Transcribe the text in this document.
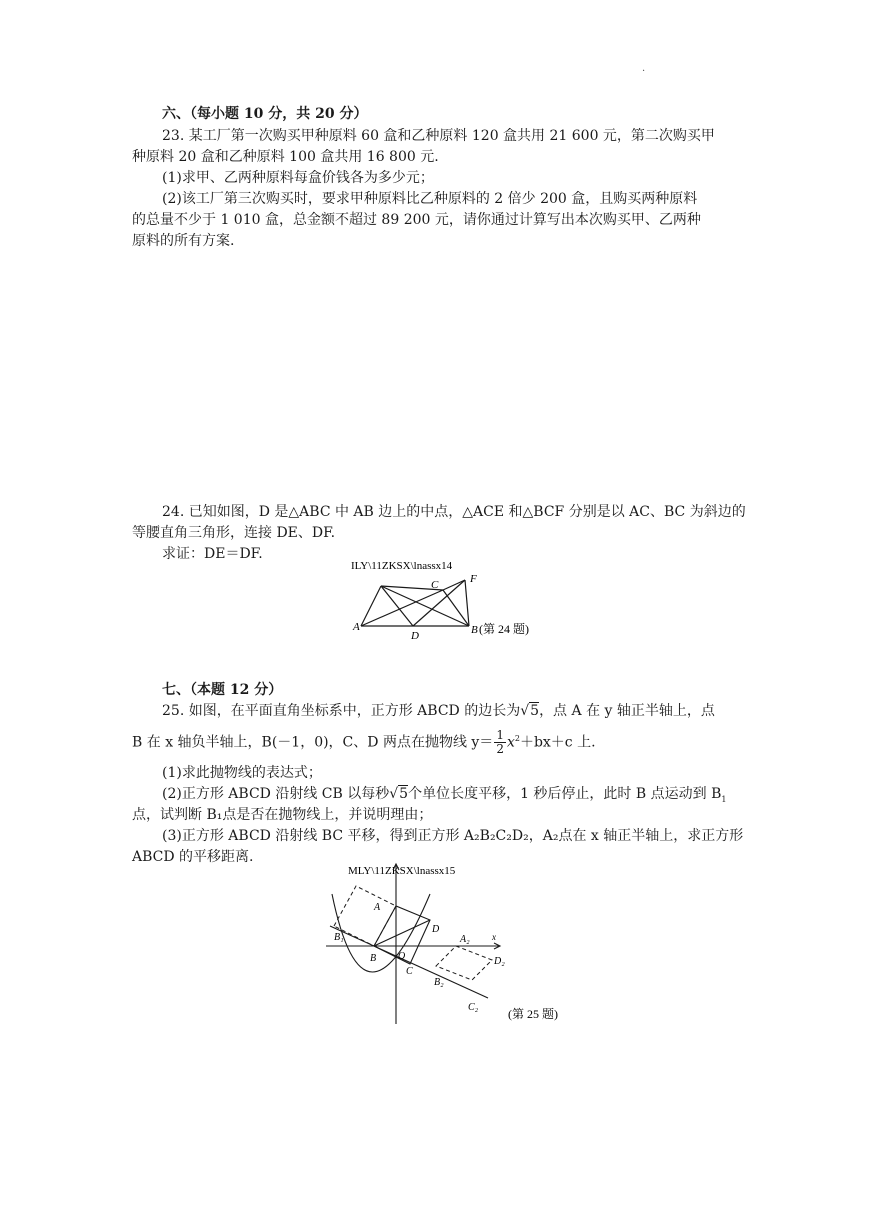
·
六、（每小题 10 分，共 20 分）
23. 某工厂第一次购买甲种原料 60 盒和乙种原料 120 盒共用 21 600 元，第二次购买甲
种原料 20 盒和乙种原料 100 盒共用 16 800 元.
(1)求甲、乙两种原料每盒价钱各为多少元；
(2)该工厂第三次购买时，要求甲种原料比乙种原料的 2 倍少 200 盒，且购买两种原料
的总量不少于 1 010 盒，总金额不超过 89 200 元，请你通过计算写出本次购买甲、乙两种
原料的所有方案.
24. 已知如图，D 是△ABC 中 AB 边上的中点，△ACE 和△BCF 分别是以 AC、BC 为斜边的
等腰直角三角形，连接 DE、DF.
求证：DE＝DF.
ILY\11ZKSX\lnassx14
A	B
C
D
F
(第 24 题)
七、（本题 12 分）
25. 如图，在平面直角坐标系中，正方形 ABCD 的边长为√5，点 A 在 y 轴正半轴上，点
B 在 x 轴负半轴上，B(－1，0)，C、D 两点在抛物线 $y= \frac{1}{2} x^2+bx+c$ 上.
(1)求此抛物线的表达式；
(2)正方形 ABCD 沿射线 CB 以每秒√5个单位长度平移，1 秒后停止，此时 B 点运动到 $B_1$
点，试判断 B₁点是否在抛物线上，并说明理由；
(3)正方形 ABCD 沿射线 BC 平移，得到正方形 A₂B₂C₂D₂，A₂点在 x 轴正半轴上，求正方形
ABCD 的平移距离.
MLY\11ZKSX\lnassx15
A
B
C
D
O
x
B₁	A₂
B₂
C₂
D₂
(第 25 题)
